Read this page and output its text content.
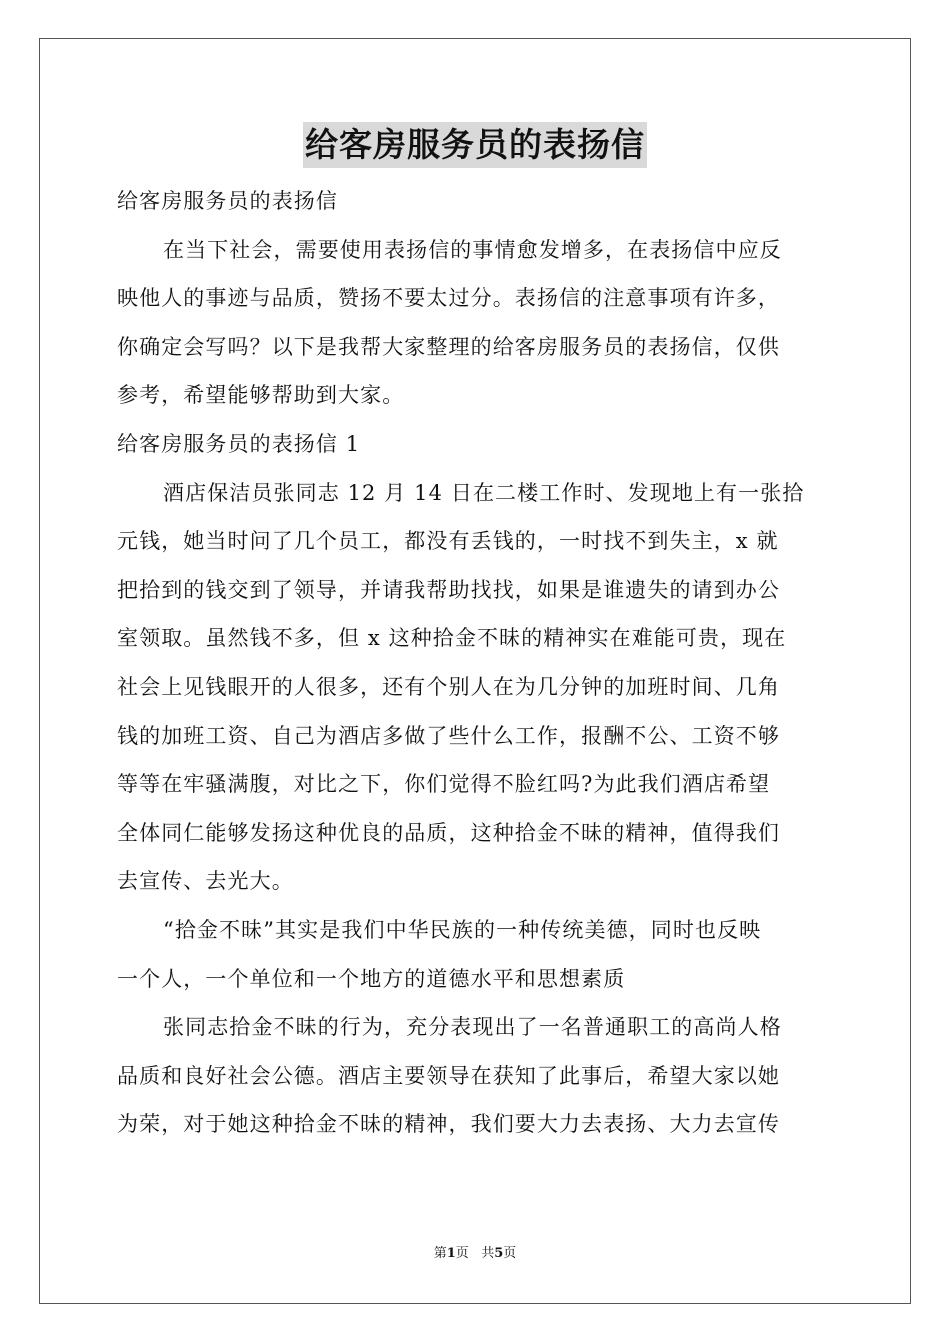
给客房服务员的表扬信
给客房服务员的表扬信
在当下社会，需要使用表扬信的事情愈发增多，在表扬信中应反
映他人的事迹与品质，赞扬不要太过分。表扬信的注意事项有许多，
你确定会写吗？以下是我帮大家整理的给客房服务员的表扬信，仅供
参考，希望能够帮助到大家。
给客房服务员的表扬信 1
酒店保洁员张同志 12 月 14 日在二楼工作时、发现地上有一张拾
元钱，她当时问了几个员工，都没有丢钱的，一时找不到失主，x 就
把拾到的钱交到了领导，并请我帮助找找，如果是谁遗失的请到办公
室领取。虽然钱不多，但 x 这种拾金不昧的精神实在难能可贵，现在
社会上见钱眼开的人很多，还有个别人在为几分钟的加班时间、几角
钱的加班工资、自己为酒店多做了些什么工作，报酬不公、工资不够
等等在牢骚满腹，对比之下，你们觉得不脸红吗?为此我们酒店希望
全体同仁能够发扬这种优良的品质，这种拾金不昧的精神，值得我们
去宣传、去光大。
“拾金不昧”其实是我们中华民族的一种传统美德，同时也反映
一个人，一个单位和一个地方的道德水平和思想素质
张同志拾金不昧的行为，充分表现出了一名普通职工的高尚人格
品质和良好社会公德。酒店主要领导在获知了此事后，希望大家以她
为荣，对于她这种拾金不昧的精神，我们要大力去表扬、大力去宣传
第1页 共5页
